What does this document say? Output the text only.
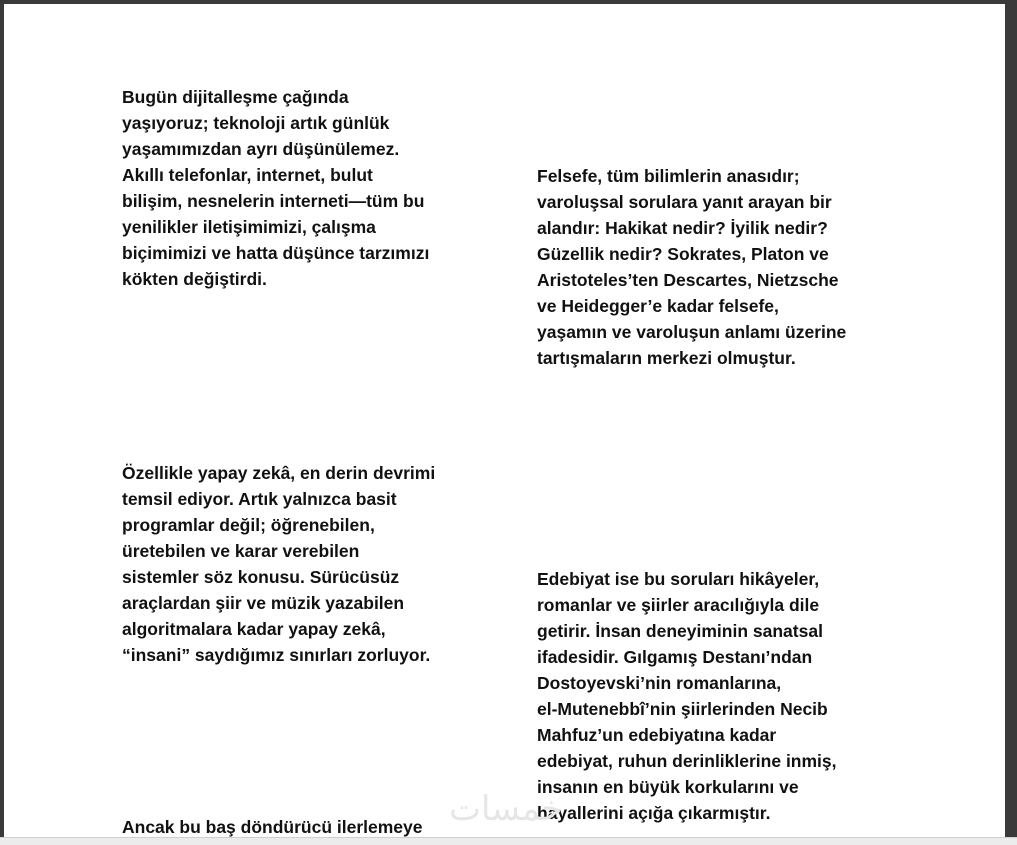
Bugün dijitalleşme çağında
yaşıyoruz; teknoloji artık günlük
yaşamımızdan ayrı düşünülemez.
Akıllı telefonlar, internet, bulut
bilişim, nesnelerin interneti—tüm bu
yenilikler iletişimimizi, çalışma
biçimimizi ve hatta düşünce tarzımızı
kökten değiştirdi.
Özellikle yapay zekâ, en derin devrimi
temsil ediyor. Artık yalnızca basit
programlar değil; öğrenebilen,
üretebilen ve karar verebilen
sistemler söz konusu. Sürücüsüz
araçlardan şiir ve müzik yazabilen
algoritmalara kadar yapay zekâ,
“insani” saydığımız sınırları zorluyor.
Ancak bu baş döndürücü ilerlemeye
Felsefe, tüm bilimlerin anasıdır;
varoluşsal sorulara yanıt arayan bir
alandır: Hakikat nedir? İyilik nedir?
Güzellik nedir? Sokrates, Platon ve
Aristoteles’ten Descartes, Nietzsche
ve Heidegger’e kadar felsefe,
yaşamın ve varoluşun anlamı üzerine
tartışmaların merkezi olmuştur.
Edebiyat ise bu soruları hikâyeler,
romanlar ve şiirler aracılığıyla dile
getirir. İnsan deneyiminin sanatsal
ifadesidir. Gılgamış Destanı’ndan
Dostoyevski’nin romanlarına,
el-Mutenebbî’nin şiirlerinden Necib
Mahfuz’un edebiyatına kadar
edebiyat, ruhun derinliklerine inmiş,
insanın en büyük korkularını ve
hayallerini açığa çıkarmıştır.
خمسات
